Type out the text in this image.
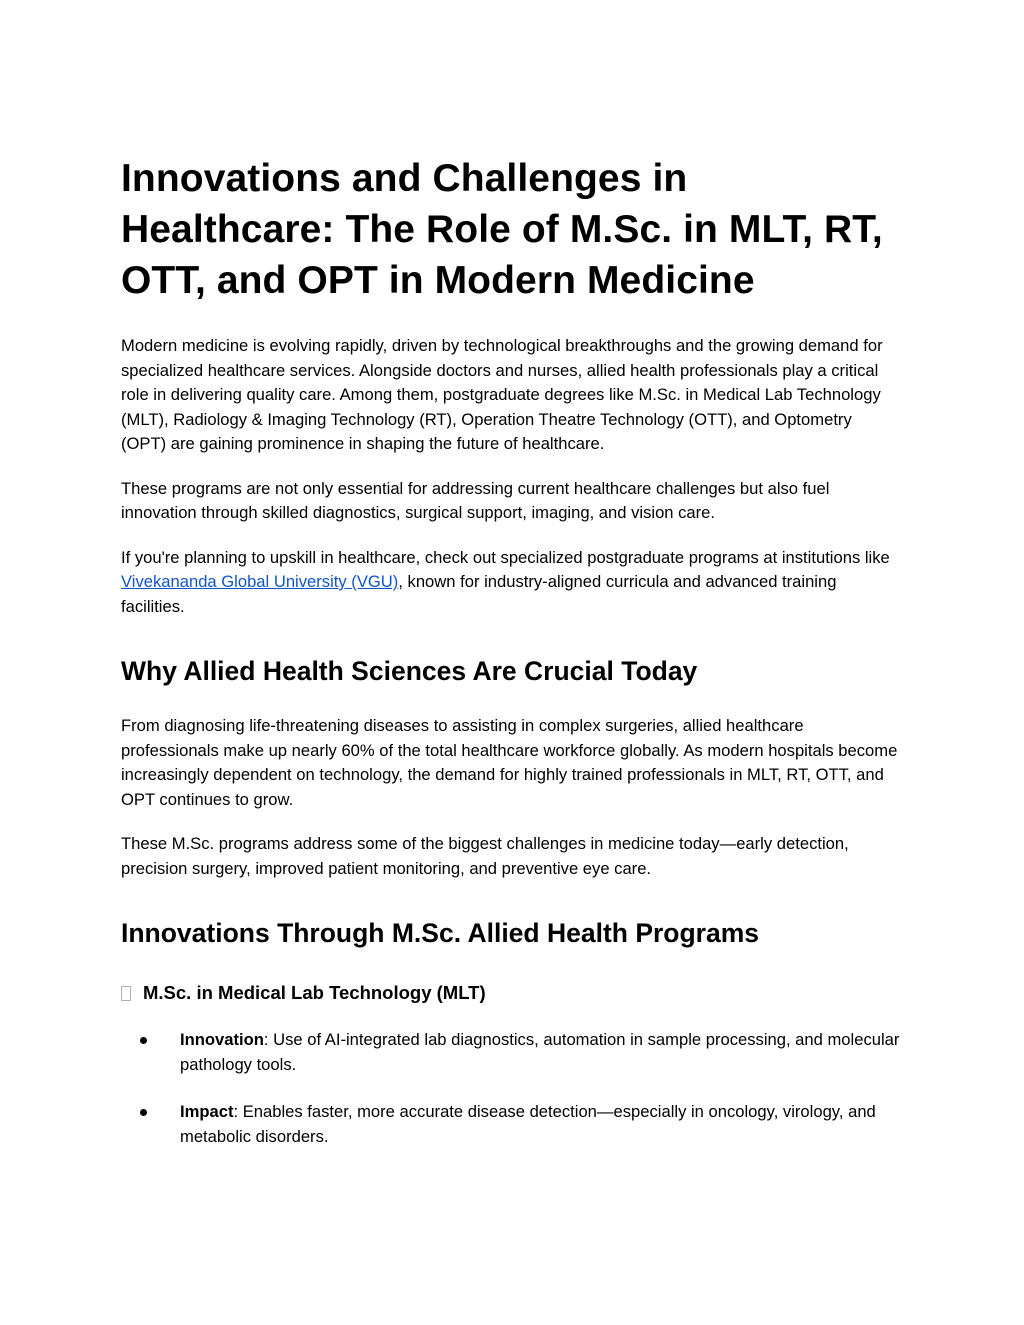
Innovations and Challenges in Healthcare: The Role of M.Sc. in MLT, RT, OTT, and OPT in Modern Medicine

Modern medicine is evolving rapidly, driven by technological breakthroughs and the growing demand for specialized healthcare services. Alongside doctors and nurses, allied health professionals play a critical role in delivering quality care. Among them, postgraduate degrees like M.Sc. in Medical Lab Technology (MLT), Radiology & Imaging Technology (RT), Operation Theatre Technology (OTT), and Optometry (OPT) are gaining prominence in shaping the future of healthcare.

These programs are not only essential for addressing current healthcare challenges but also fuel innovation through skilled diagnostics, surgical support, imaging, and vision care.

If you're planning to upskill in healthcare, check out specialized postgraduate programs at institutions like Vivekananda Global University (VGU), known for industry-aligned curricula and advanced training facilities.

Why Allied Health Sciences Are Crucial Today

From diagnosing life-threatening diseases to assisting in complex surgeries, allied healthcare professionals make up nearly 60% of the total healthcare workforce globally. As modern hospitals become increasingly dependent on technology, the demand for highly trained professionals in MLT, RT, OTT, and OPT continues to grow.

These M.Sc. programs address some of the biggest challenges in medicine today—early detection, precision surgery, improved patient monitoring, and preventive eye care.

Innovations Through M.Sc. Allied Health Programs
M.Sc. in Medical Lab Technology (MLT)
Innovation: Use of AI-integrated lab diagnostics, automation in sample processing, and molecular pathology tools.
Impact: Enables faster, more accurate disease detection—especially in oncology, virology, and metabolic disorders.
